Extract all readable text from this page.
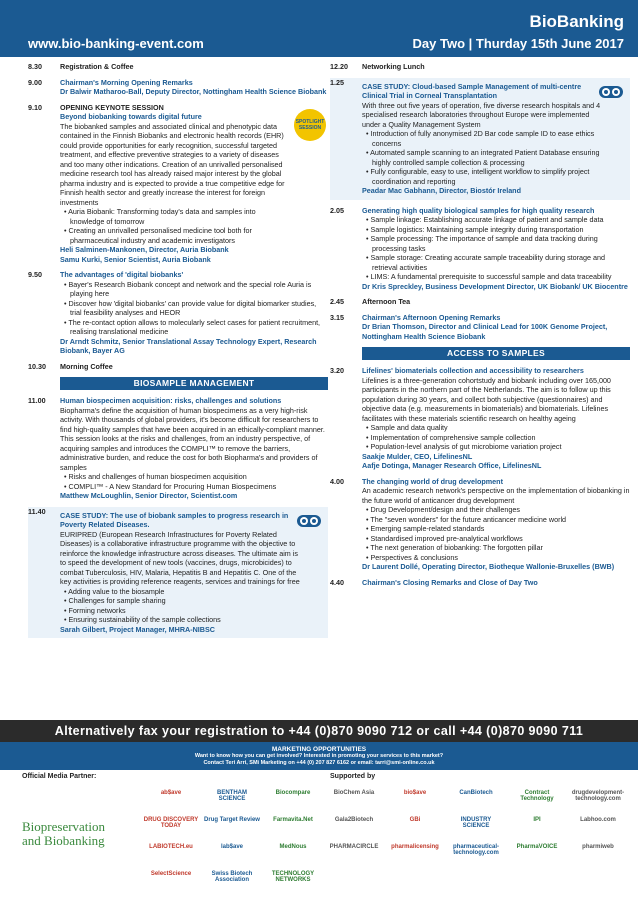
BioBanking
www.bio-banking-event.com	Day Two | Thurday 15th June 2017
8.30	Registration & Coffee
9.00	Chairman's Morning Opening Remarks
Dr Balwir Matharoo-Ball, Deputy Director, Nottingham Health Science Biobank
9.10	OPENING KEYNOTE SESSION
Beyond biobanking towards digital future
The biobanked samples and associated clinical and phenotypic data contained in the Finnish Biobanks and electronic health records (EHR) could provide opportunities for early recognition, successful targeted treatment, and effective preventive strategies to a variety of diseases and too many other indications. Creation of an unrivalled personalised medicine research tool has already raised major interest by the global pharma industry and is expected to provide a true competitive edge for Finnish health sector and greatly increase the interest for foreign investments
• Auria Biobank: Transforming today's data and samples into knowledge of tomorrow
• Creating an unrivalled personalised medicine tool both for pharmaceutical industry and academic investigators
Heli Salminen-Mankonen, Director, Auria Biobank
Samu Kurki, Senior Scientist, Auria Biobank
SPOTLIGHT SESSION
9.50	The advantages of 'digital biobanks'
• Bayer's Research Biobank concept and network and the special role Auria is playing here
• Discover how 'digital biobanks' can provide value for digital biomarker studies, trial feasibility analyses and HEOR
• The re-contact option allows to molecularly select cases for patient recruitment, realising translational medicine
Dr Arndt Schmitz, Senior Translational Assay Technology Expert, Research Biobank, Bayer AG
10.30 Morning Coffee
BIOSAMPLE MANAGEMENT
11.00 Human biospecimen acquisition: risks, challenges and solutions
Biopharma's define the acquisition of human biospecimens as a very high-risk activity. With thousands of global providers, it's become difficult for researchers to find high-quality samples that have been acquired in an ethically-compliant manner. This session looks at the risks and challenges, from an industry perspective, of acquiring samples and introduces the COMPLI™ to remove the barriers, administrative burden, and reduce the cost for both Biopharma's and providers of samples
• Risks and challenges of human biospecimen acquisition
• COMPLI™ - A New Standard for Procuring Human Biospecimens
Matthew McLoughlin, Senior Director, Scientist.com
11.40 CASE STUDY: The use of biobank samples to progress research in Poverty Related Diseases.
EURIPRED (European Research Infrastructures for Poverty Related Diseases) is a collaborative infrastructure programme with the objective to reinforce the knowledge infrastructure across diseases. The ultimate aim is to speed the development of new tools (vaccines, drugs, microbicides) to combat Tuberculosis, HIV, Malaria, Hepatitis B and Hepatitis C. One of the key activities is providing reference reagents, services and trainings for free
• Adding value to the biosample
• Challenges for sample sharing
• Forming networks
• Ensuring sustainability of the sample collections
Sarah Gilbert, Project Manager, MHRA-NIBSC
12.20 Networking Lunch
1.25	CASE STUDY: Cloud-based Sample Management of multi-centre Clinical Trial in Corneal Transplantation
With three out five years of operation, five diverse research hospitals and 4 specialised research laboratories throughout Europe were implemented under a Quality Management System
• Introduction of fully anonymised 2D Bar code sample ID to ease ethics concerns
• Automated sample scanning to an integrated Patient Database ensuring highly controlled sample collection & processing
• Fully configurable, easy to use, intelligent workflow to simplify project coordination and reporting
Peadar Mac Gabhann, Director, Biostór Ireland
2.05	Generating high quality biological samples for high quality research
• Sample linkage: Establishing accurate linkage of patient and sample data
• Sample logistics: Maintaining sample integrity during transportation
• Sample processing: The importance of sample and data tracking during processing tasks
• Sample storage: Creating accurate sample traceability during storage and retrieval activities
• LIMS: A fundamental prerequisite to successful sample and data traceability
Dr Kris Spreckley, Business Development Director, UK Biobank/ UK Biocentre
2.45	Afternoon Tea
3.15	Chairman's Afternoon Opening Remarks
Dr Brian Thomson, Director and Clinical Lead for 100K Genome Project, Nottingham Health Science Biobank
ACCESS TO SAMPLES
3.20	Lifelines' biomaterials collection and accessibility to researchers
Lifelines is a three-generation cohortstudy and biobank including over 165,000 participants in the northern part of the Netherlands. The aim is to follow up this population during 30 years, and collect both subjective (questionnaires) and objective data (e.g. measurements in biomaterials) and biomaterials. Lifelines facilitates with these materials scientific research on healthy ageing
• Sample and data quality
• Implementation of comprehensive sample collection
• Population-level analysis of gut microbiome variation project
Saakje Mulder, CEO, LifelinesNL
Aafje Dotinga, Manager Research Office, LifelinesNL
4.00	The changing world of drug development
An academic research network's perspective on the implementation of biobanking in the future world of anticancer drug development
• Drug Development/design and their challenges
• The "seven wonders" for the future anticancer medicine world
• Emerging sample-related standards
• Standardised improved pre-analytical workflows
• The next generation of biobanking: The forgotten pillar
• Perspectives & conclusions
Dr Laurent Dollé, Operating Director, Biotheque Wallonie-Bruxelles (BWB)
4.40	Chairman's Closing Remarks and Close of Day Two
Alternatively fax your registration to +44 (0)870 9090 712 or call +44 (0)870 9090 711
MARKETING OPPORTUNITIES
Want to know how you can get involved? Interested in promoting your services to this market?
Contact Teri Arri, SMi Marketing on +44 (0) 207 827 6162 or email: tarri@smi-online.co.uk
Official Media Partner:	Supported by
Biopreservation and Biobanking
ab$ave	BENTHAM SCIENCE
Biocompare	BioChem Asia	bio$ave	CanBiotech	Contract Technology
drugdevelopment-technology.com
DRUG DISCOVERY TODAY
Drug Target Review	Farmavita.Net	Gala2Biotech	GBi	INDUSTRY SCIENCE
IPI	Labhoo.com
LABIOTECH.eu	lab$ave	MedNous	PHARMACIRCLE	pharmalicensing	pharmaceutical-technology.com
PharmaVOICE	pharmiweb
SelectScience	Swiss Biotech Association
TECHNOLOGY NETWORKS
